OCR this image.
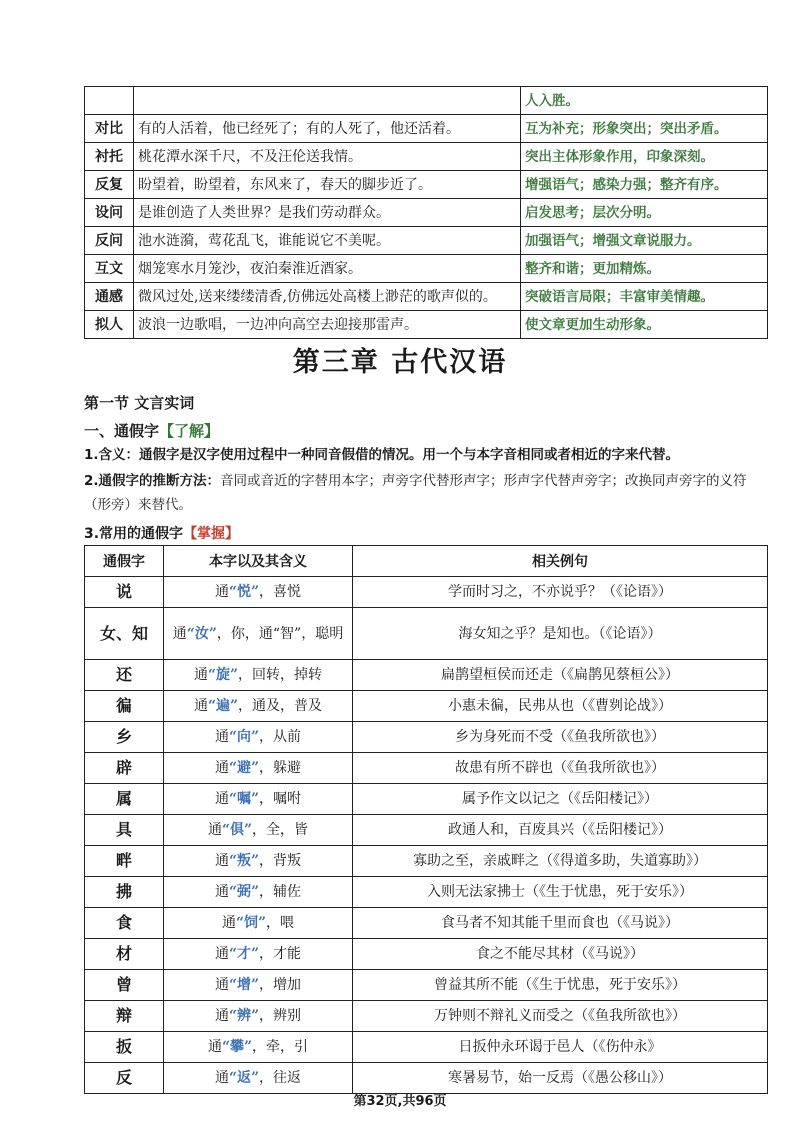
		人入胜。
对比	有的人活着，他已经死了；有的人死了，他还活着。	互为补充；形象突出；突出矛盾。
衬托	桃花潭水深千尺，不及汪伦送我情。	突出主体形象作用，印象深刻。
反复	盼望着，盼望着，东风来了，春天的脚步近了。	增强语气；感染力强；整齐有序。
设问	是谁创造了人类世界？是我们劳动群众。	启发思考；层次分明。
反问	池水涟漪，莺花乱飞，谁能说它不美呢。	加强语气；增强文章说服力。
互文	烟笼寒水月笼沙，夜泊秦淮近酒家。	整齐和谐；更加精炼。
通感	微风过处,送来缕缕清香,仿佛远处高楼上渺茫的歌声似的。	突破语言局限；丰富审美情趣。
拟人	波浪一边歌唱，一边冲向高空去迎接那雷声。	使文章更加生动形象。
第三章 古代汉语
第一节 文言实词
一、通假字【了解】
1.含义：通假字是汉字使用过程中一种同音假借的情况。用一个与本字音相同或者相近的字来代替。
2.通假字的推断方法：音同或音近的字替用本字；声旁字代替形声字；形声字代替声旁字；改换同声旁字的义符
（形旁）来替代。
3.常用的通假字【掌握】
通假字	本字以及其含义	相关例句
说	通“悦”，喜悦	学而时习之，不亦说乎？（《论语》）
女、知	通“汝”，你，通“智”，聪明	海女知之乎？是知也。（《论语》）
还	通“旋”，回转，掉转	扁鹊望桓侯而还走（《扁鹊见蔡桓公》）
徧	通“遍”，通及，普及	小惠未徧，民弗从也（《曹刿论战》）
乡	通“向”，从前	乡为身死而不受（《鱼我所欲也》）
辟	通“避”，躲避	故患有所不辟也（《鱼我所欲也》）
属	通“嘱”，嘱咐	属予作文以记之（《岳阳楼记》）
具	通“俱”，全，皆	政通人和，百废具兴（《岳阳楼记》）
畔	通“叛”，背叛	寡助之至，亲戚畔之（《得道多助，失道寡助》）
拂	通“弼”，辅佐	入则无法家拂士（《生于忧患，死于安乐》）
食	通“饲”，喂	食马者不知其能千里而食也（《马说》）
材	通“才”，才能	食之不能尽其材（《马说》）
曾	通“增”，增加	曾益其所不能（《生于忧患，死于安乐》）
辩	通“辨”，辨别	万钟则不辩礼义而受之（《鱼我所欲也》）
扳	通“攀”，牵，引	日扳仲永环谒于邑人（《伤仲永》
反	通“返”，往返	寒暑易节，始一反焉（《愚公移山》）
第32页,共96页
